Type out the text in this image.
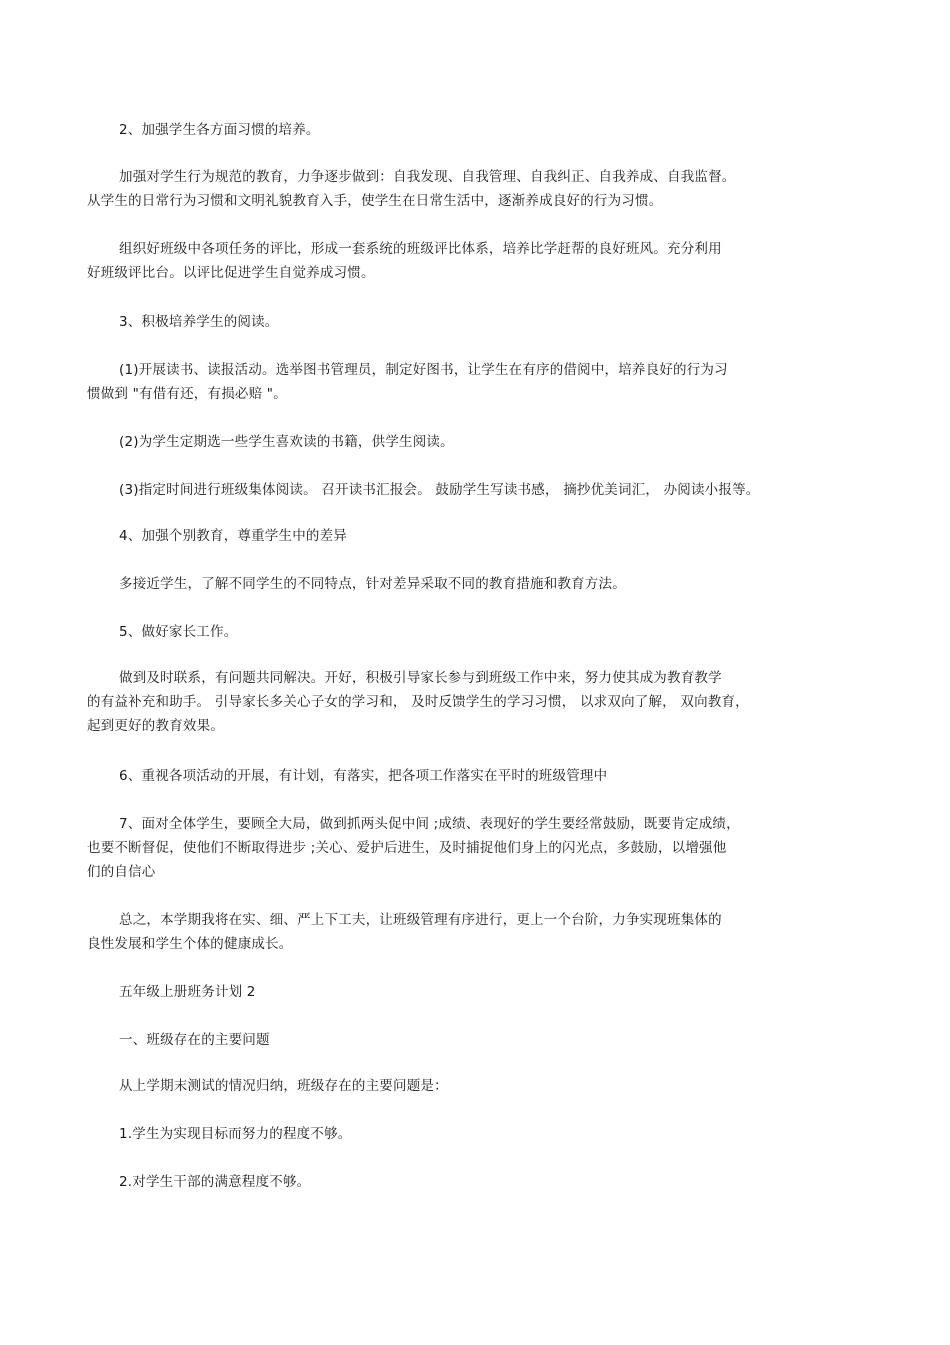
2、加强学生各方面习惯的培养。
加强对学生行为规范的教育，力争逐步做到：自我发现、自我管理、自我纠正、自我养成、自我监督。
从学生的日常行为习惯和文明礼貌教育入手，使学生在日常生活中，逐渐养成良好的行为习惯。
组织好班级中各项任务的评比，形成一套系统的班级评比体系，培养比学赶帮的良好班风。充分利用
好班级评比台。以评比促进学生自觉养成习惯。
3、积极培养学生的阅读。
(1)开展读书、读报活动。选举图书管理员，制定好图书，让学生在有序的借阅中，培养良好的行为习
惯做到 "有借有还，有损必赔 "。
(2)为学生定期选一些学生喜欢读的书籍，供学生阅读。
(3)指定时间进行班级集体阅读。 召开读书汇报会。 鼓励学生写读书感， 摘抄优美词汇， 办阅读小报等。
4、加强个别教育，尊重学生中的差异
多接近学生，了解不同学生的不同特点，针对差异采取不同的教育措施和教育方法。
5、做好家长工作。
做到及时联系，有问题共同解决。开好，积极引导家长参与到班级工作中来，努力使其成为教育教学
的有益补充和助手。 引导家长多关心子女的学习和， 及时反馈学生的学习习惯， 以求双向了解， 双向教育，
起到更好的教育效果。
6、重视各项活动的开展，有计划，有落实，把各项工作落实在平时的班级管理中
7、面对全体学生，要顾全大局，做到抓两头促中间 ;成绩、表现好的学生要经常鼓励，既要肯定成绩，
也要不断督促，使他们不断取得进步 ;关心、爱护后进生，及时捕捉他们身上的闪光点，多鼓励，以增强他
们的自信心
总之，本学期我将在实、细、严上下工夫，让班级管理有序进行，更上一个台阶，力争实现班集体的
良性发展和学生个体的健康成长。
五年级上册班务计划 2
一、班级存在的主要问题
从上学期末测试的情况归纳，班级存在的主要问题是：
1.学生为实现目标而努力的程度不够。
2.对学生干部的满意程度不够。
